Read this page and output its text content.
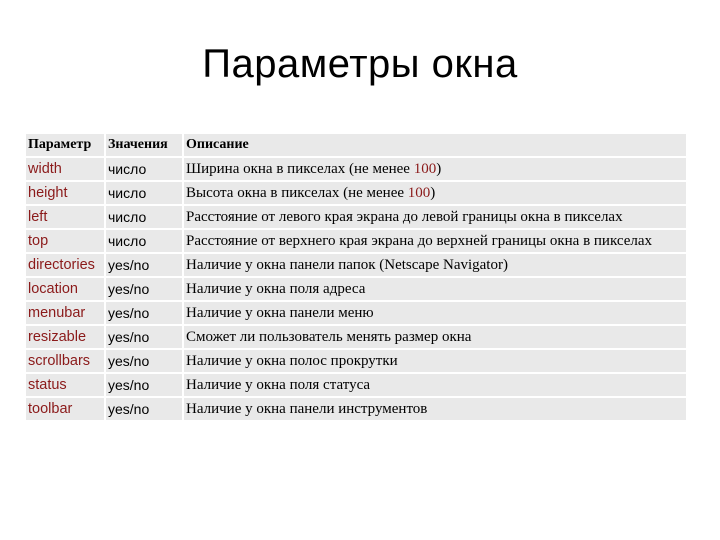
Параметры окна
Параметр	Значения	Описание
width	число	Ширина окна в пикселах (не менее 100)
height	число	Высота окна в пикселах (не менее 100)
left	число	Расстояние от левого края экрана до левой границы окна в пикселах
top	число	Расстояние от верхнего края экрана до верхней границы окна в пикселах
directories	yes/no	Наличие у окна панели папок (Netscape Navigator)
location	yes/no	Наличие у окна поля адреса
menubar	yes/no	Наличие у окна панели меню
resizable	yes/no	Сможет ли пользователь менять размер окна
scrollbars	yes/no	Наличие у окна полос прокрутки
status	yes/no	Наличие у окна поля статуса
toolbar	yes/no	Наличие у окна панели инструментов
